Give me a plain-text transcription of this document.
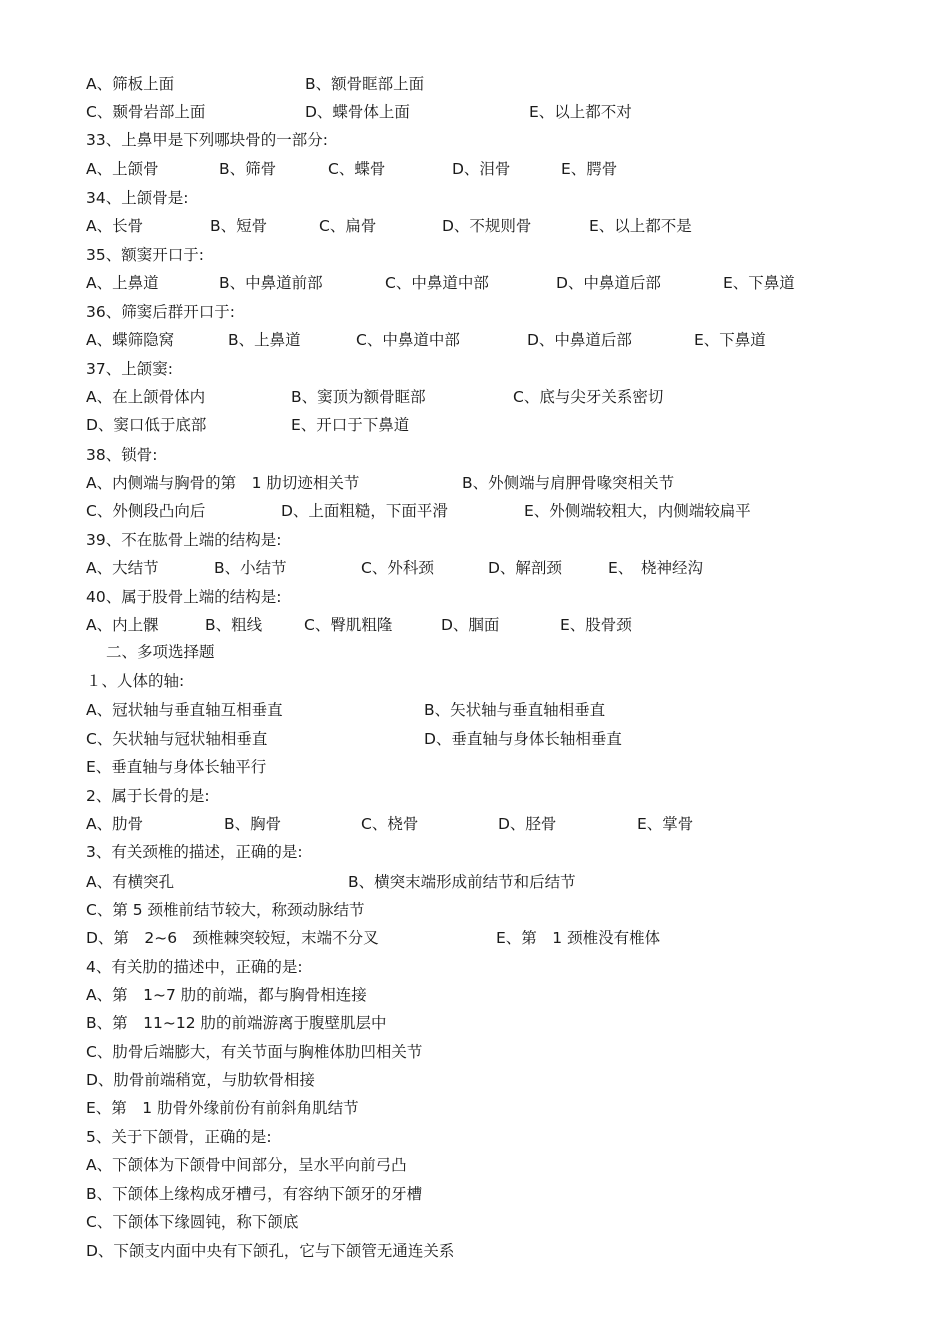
A、筛板上面	B、额骨眶部上面
C、颞骨岩部上面	D、蝶骨体上面	E、以上都不对
33、上鼻甲是下列哪块骨的一部分:
A、上颌骨	B、筛骨	C、蝶骨	D、泪骨	E、腭骨
34、上颌骨是:
A、长骨	B、短骨	C、扁骨	D、不规则骨	E、以上都不是
35、额窦开口于:
A、上鼻道	B、中鼻道前部	C、中鼻道中部	D、中鼻道后部	E、下鼻道
36、筛窦后群开口于:
A、蝶筛隐窝	B、上鼻道	C、中鼻道中部	D、中鼻道后部	E、下鼻道
37、上颌窦:
A、在上颌骨体内	B、窦顶为额骨眶部	C、底与尖牙关系密切
D、窦口低于底部	E、开口于下鼻道
38、锁骨:
A、内侧端与胸骨的第　1 肋切迹相关节	B、外侧端与肩胛骨喙突相关节
C、外侧段凸向后	D、上面粗糙，下面平滑	E、外侧端较粗大，内侧端较扁平
39、不在肱骨上端的结构是:
A、大结节	B、小结节	C、外科颈	D、解剖颈	E、　桡神经沟
40、属于股骨上端的结构是:
A、内上髁	B、粗线	C、臀肌粗隆	D、腘面	E、股骨颈
二、多项选择题
１、人体的轴:
A、冠状轴与垂直轴互相垂直	B、矢状轴与垂直轴相垂直
C、矢状轴与冠状轴相垂直	D、垂直轴与身体长轴相垂直
E、垂直轴与身体长轴平行
2、属于长骨的是:
A、肋骨	B、胸骨	C、桡骨	D、胫骨	E、掌骨
3、有关颈椎的描述，正确的是:
A、有横突孔	B、横突末端形成前结节和后结节
C、第 5 颈椎前结节较大，称颈动脉结节
D、第　2~6　颈椎棘突较短，末端不分叉	E、第　1 颈椎没有椎体
4、有关肋的描述中，正确的是:
A、第　1~7 肋的前端，都与胸骨相连接
B、第　11~12 肋的前端游离于腹壁肌层中
C、肋骨后端膨大，有关节面与胸椎体肋凹相关节
D、肋骨前端稍宽，与肋软骨相接
E、第　1 肋骨外缘前份有前斜角肌结节
5、关于下颌骨，正确的是:
A、下颌体为下颌骨中间部分，呈水平向前弓凸
B、下颌体上缘构成牙槽弓，有容纳下颌牙的牙槽
C、下颌体下缘圆钝，称下颌底
D、下颌支内面中央有下颌孔，它与下颌管无通连关系
